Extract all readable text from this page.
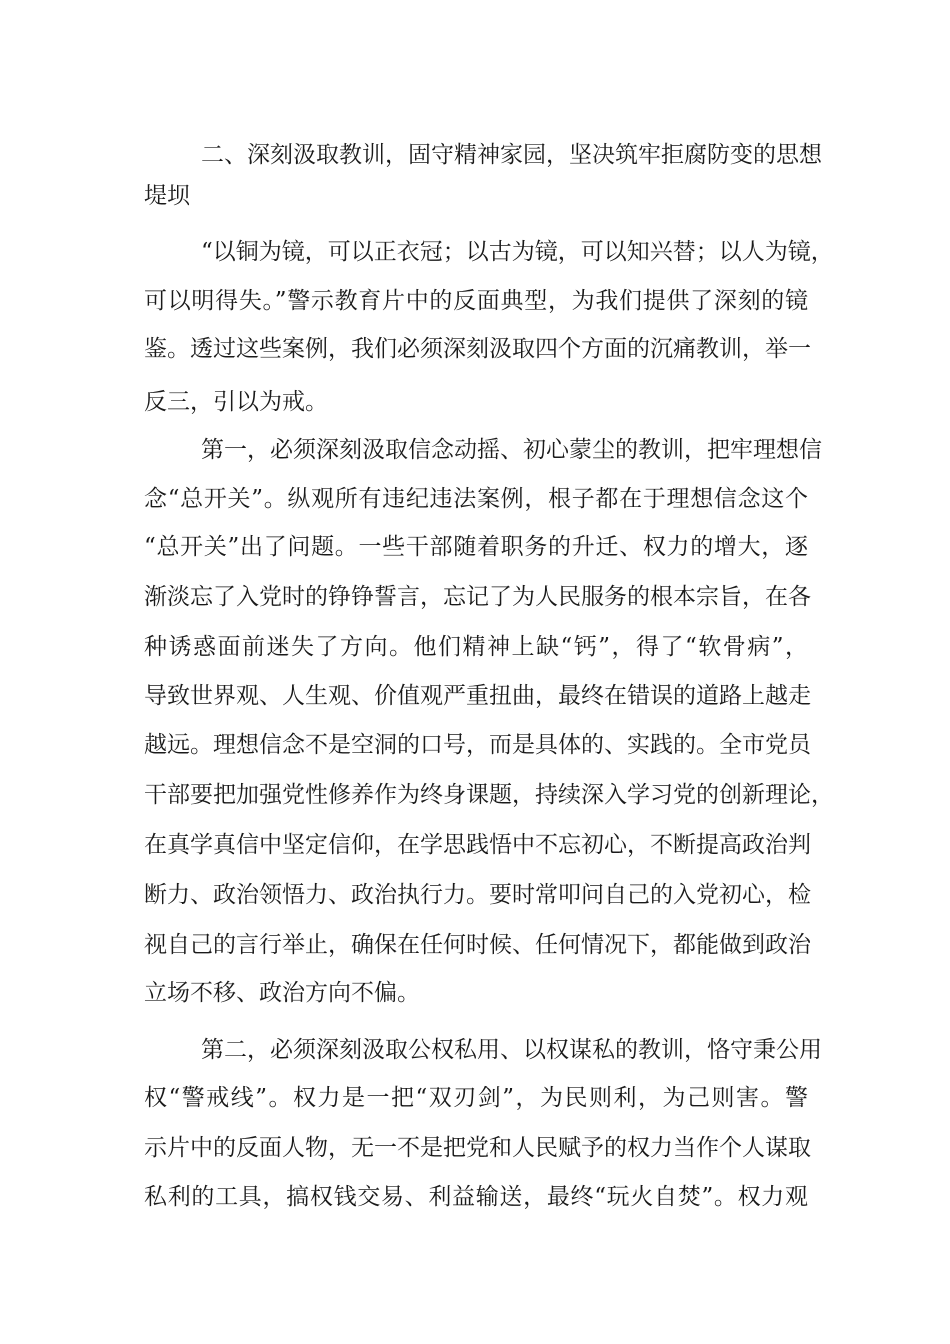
二、深刻汲取教训，固守精神家园，坚决筑牢拒腐防变的思想
堤坝
“以铜为镜，可以正衣冠；以古为镜，可以知兴替；以人为镜，
可以明得失。”警示教育片中的反面典型，为我们提供了深刻的镜
鉴。透过这些案例，我们必须深刻汲取四个方面的沉痛教训，举一
反三，引以为戒。
第一，必须深刻汲取信念动摇、初心蒙尘的教训，把牢理想信
念“总开关”。纵观所有违纪违法案例，根子都在于理想信念这个
“总开关”出了问题。一些干部随着职务的升迁、权力的增大，逐
渐淡忘了入党时的铮铮誓言，忘记了为人民服务的根本宗旨，在各
种诱惑面前迷失了方向。他们精神上缺“钙”，得了“软骨病”，
导致世界观、人生观、价值观严重扭曲，最终在错误的道路上越走
越远。理想信念不是空洞的口号，而是具体的、实践的。全市党员
干部要把加强党性修养作为终身课题，持续深入学习党的创新理论，
在真学真信中坚定信仰，在学思践悟中不忘初心，不断提高政治判
断力、政治领悟力、政治执行力。要时常叩问自己的入党初心，检
视自己的言行举止，确保在任何时候、任何情况下，都能做到政治
立场不移、政治方向不偏。
第二，必须深刻汲取公权私用、以权谋私的教训，恪守秉公用
权“警戒线”。权力是一把“双刃剑”，为民则利，为己则害。警
示片中的反面人物，无一不是把党和人民赋予的权力当作个人谋取
私利的工具，搞权钱交易、利益输送，最终“玩火自焚”。权力观
